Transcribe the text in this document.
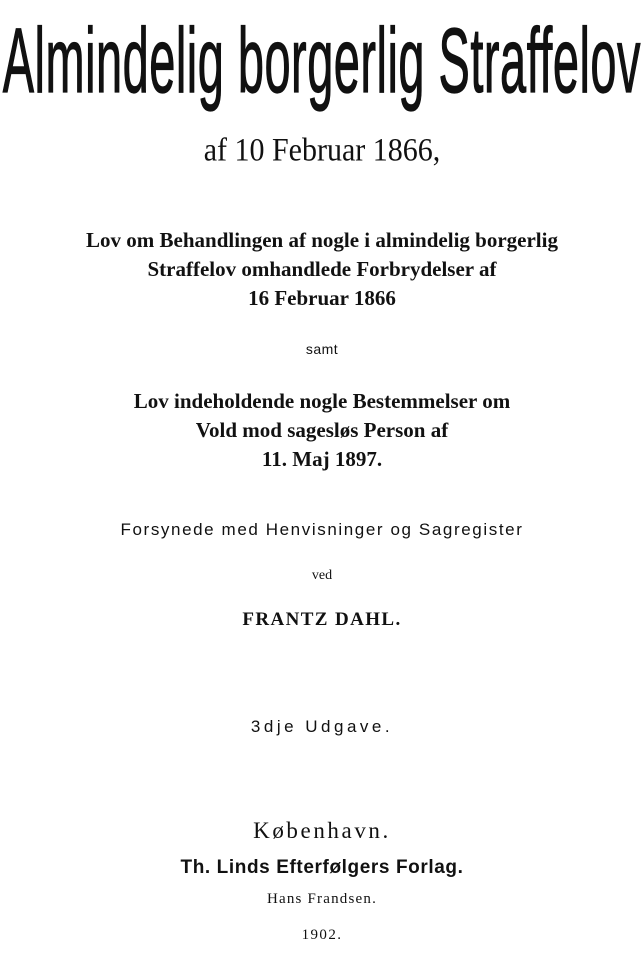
Almindelig borgerlig Straffelov
af 10 Februar 1866,
Lov om Behandlingen af nogle i almindelig borgerlig
Straffelov omhandlede Forbrydelser af
16 Februar 1866
samt
Lov indeholdende nogle Bestemmelser om
Vold mod sagesløs Person af
11. Maj 1897.
Forsynede med Henvisninger og Sagregister
ved
FRANTZ DAHL.
3dje Udgave.
København.
Th. Linds Efterfølgers Forlag.
Hans Frandsen.
1902.
